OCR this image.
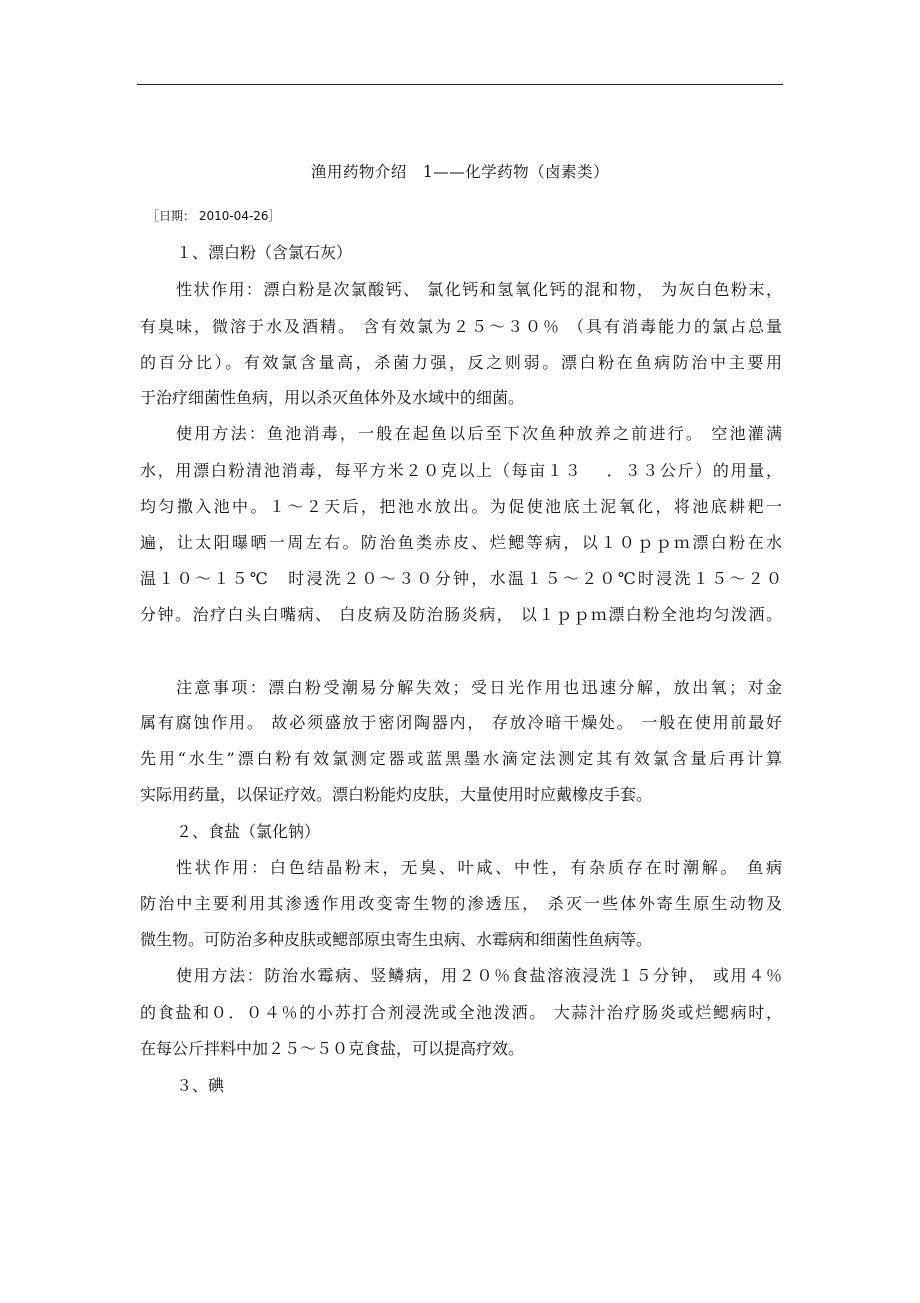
渔用药物介绍　1——化学药物（卤素类）
［日期： 2010-04-26］
１、漂白粉（含氯石灰）
性状作用：漂白粉是次氯酸钙、 氯化钙和氢氧化钙的混和物， 为灰白色粉末，
有臭味，微溶于水及酒精。 含有效氯为２５～３０％ （具有消毒能力的氯占总量
的百分比）。有效氯含量高，杀菌力强，反之则弱。漂白粉在鱼病防治中主要用
于治疗细菌性鱼病，用以杀灭鱼体外及水域中的细菌。
使用方法：鱼池消毒，一般在起鱼以后至下次鱼种放养之前进行。 空池灌满
水，用漂白粉清池消毒，每平方米２０克以上（每亩１３　 ．３３公斤）的用量，
均匀撒入池中。１～２天后，把池水放出。为促使池底土泥氧化，将池底耕耙一
遍，让太阳曝晒一周左右。防治鱼类赤皮、烂鳃等病，以１０ｐｐｍ漂白粉在水
温１０～１５℃　时浸洗２０～３０分钟，水温１５～２０℃时浸洗１５～２０
分钟。治疗白头白嘴病、 白皮病及防治肠炎病， 以１ｐｐｍ漂白粉全池均匀泼洒。
注意事项：漂白粉受潮易分解失效；受日光作用也迅速分解，放出氧；对金
属有腐蚀作用。 故必须盛放于密闭陶器内， 存放冷暗干燥处。 一般在使用前最好
先用“水生”漂白粉有效氯测定器或蓝黑墨水滴定法测定其有效氯含量后再计算
实际用药量，以保证疗效。漂白粉能灼皮肤，大量使用时应戴橡皮手套。
２、食盐（氯化钠）
性状作用：白色结晶粉末，无臭、叶咸、中性，有杂质存在时潮解。 鱼病
防治中主要利用其渗透作用改变寄生物的渗透压， 杀灭一些体外寄生原生动物及
微生物。可防治多种皮肤或鳃部原虫寄生虫病、水霉病和细菌性鱼病等。
使用方法：防治水霉病、竖鳞病，用２０％食盐溶液浸洗１５分钟， 或用４％
的食盐和０．０４％的小苏打合剂浸洗或全池泼洒。 大蒜汁治疗肠炎或烂鳃病时，
在每公斤拌料中加２５～５０克食盐，可以提高疗效。
３、碘
